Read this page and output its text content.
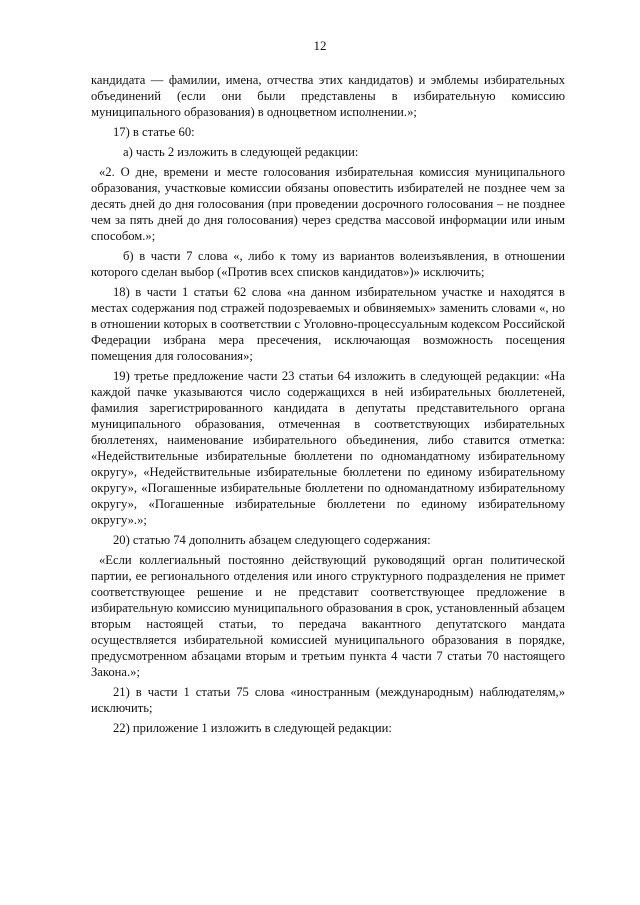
12

кандидата — фамилии, имена, отчества этих кандидатов) и эмблемы избирательных объединений (если они были представлены в избирательную комиссию муниципального образования) в одноцветном исполнении.»;

17) в статье 60:

а) часть 2 изложить в следующей редакции:

«2. О дне, времени и месте голосования избирательная комиссия муниципального образования, участковые комиссии обязаны оповестить избирателей не позднее чем за десять дней до дня голосования (при проведении досрочного голосования – не позднее чем за пять дней до дня голосования) через средства массовой информации или иным способом.»;

б) в части 7 слова «, либо к тому из вариантов волеизъявления, в отношении которого сделан выбор («Против всех списков кандидатов»)» исключить;

18) в части 1 статьи 62 слова «на данном избирательном участке и находятся в местах содержания под стражей подозреваемых и обвиняемых» заменить словами «, но в отношении которых в соответствии с Уголовно-процессуальным кодексом Российской Федерации избрана мера пресечения, исключающая возможность посещения помещения для голосования»;

19) третье предложение части 23 статьи 64 изложить в следующей редакции: «На каждой пачке указываются число содержащихся в ней избирательных бюллетеней, фамилия зарегистрированного кандидата в депутаты представительного органа муниципального образования, отмеченная в соответствующих избирательных бюллетенях, наименование избирательного объединения, либо ставится отметка: «Недействительные избирательные бюллетени по одномандатному избирательному округу», «Недействительные избирательные бюллетени по единому избирательному округу», «Погашенные избирательные бюллетени по одномандатному избирательному округу», «Погашенные избирательные бюллетени по единому избирательному округу».»;

20) статью 74 дополнить абзацем следующего содержания:

«Если коллегиальный постоянно действующий руководящий орган политической партии, ее регионального отделения или иного структурного подразделения не примет соответствующее решение и не представит соответствующее предложение в избирательную комиссию муниципального образования в срок, установленный абзацем вторым настоящей статьи, то передача вакантного депутатского мандата осуществляется избирательной комиссией муниципального образования в порядке, предусмотренном абзацами вторым и третьим пункта 4 части 7 статьи 70 настоящего Закона.»;

21) в части 1 статьи 75 слова «иностранным (международным) наблюдателям,» исключить;

22) приложение 1 изложить в следующей редакции:
